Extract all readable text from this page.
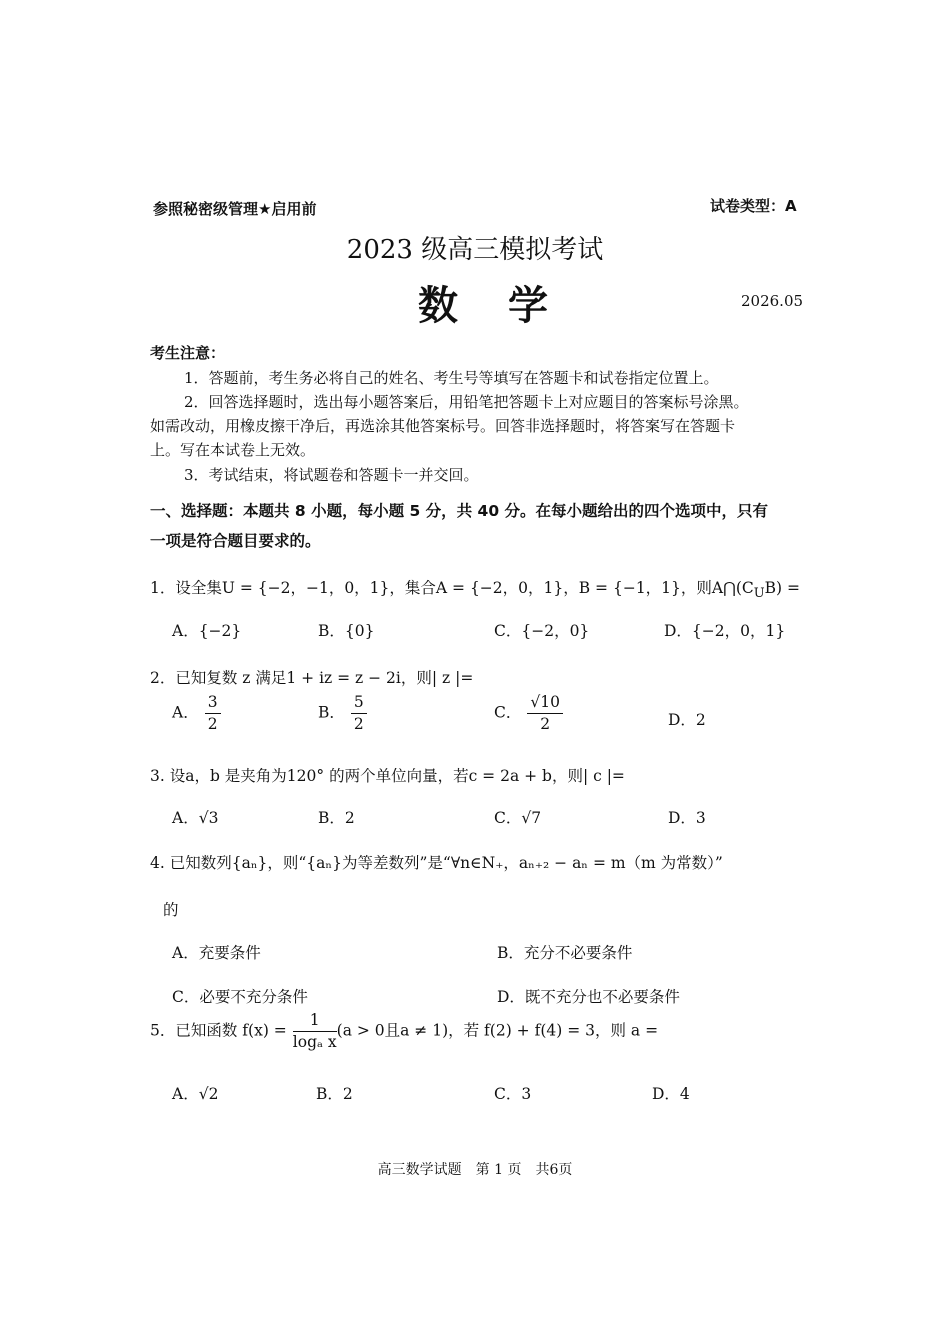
参照秘密级管理★启用前	试卷类型：A
2023 级高三模拟考试
数学	2026.05
考生注意：
1．答题前，考生务必将自己的姓名、考生号等填写在答题卡和试卷指定位置上。
2．回答选择题时，选出每小题答案后，用铅笔把答题卡上对应题目的答案标号涂黑。
如需改动，用橡皮擦干净后，再选涂其他答案标号。回答非选择题时，将答案写在答题卡
上。写在本试卷上无效。
3．考试结束，将试题卷和答题卡一并交回。
一、选择题：本题共 8 小题，每小题 5 分，共 40 分。在每小题给出的四个选项中，只有
一项是符合题目要求的。
1．设全集U = {−2，−1，0，1}，集合A = {−2，0，1}，B = {−1，1}，则$A⋂(C_UB)$ =
A．{−2}	B．{0}	C．{−2，0}	D．{−2，0，1}
2．已知复数 z 满足1 + iz = z − 2i，则| z |=
A． $\frac{3}{2}$	B． $\frac{5}{2}$	C． $\frac{√10}{2}$	D．2
3. 设a，b 是夹角为120° 的两个单位向量，若c = 2a + b，则| c |=
A．√3	B．2	C．√7	D．3
4. 已知数列{aₙ}，则“{aₙ}为等差数列”是“∀n∈N₊，aₙ₊₂ − aₙ = m（m 为常数）”
的
A．充要条件	B．充分不必要条件
C．必要不充分条件	D．既不充分也不必要条件
5．已知函数 $f(x) = \frac{1}{\text{logₐ x}} (a > 0$且a ≠ 1)，若 f(2) + f(4) = 3，则 a =
A．√2	B．2	C．3	D．4
高三数学试题　第 1 页　共6页
